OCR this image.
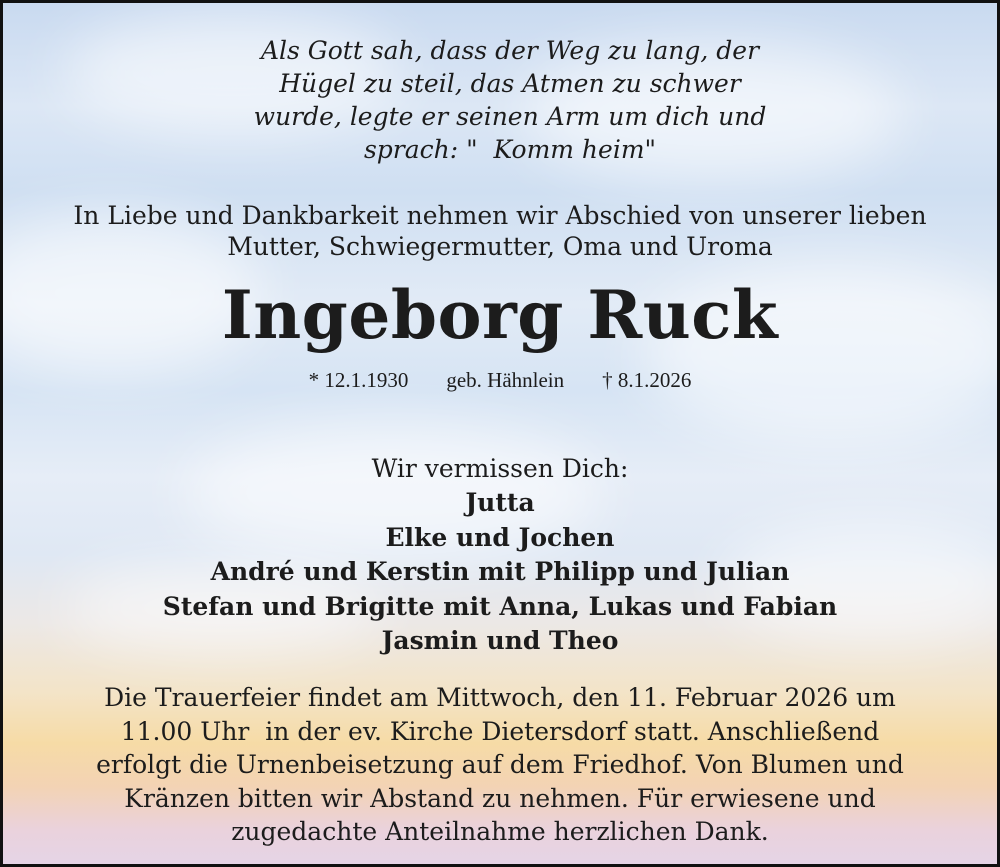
Als Gott sah, dass der Weg zu lang, der
Hügel zu steil, das Atmen zu schwer
wurde, legte er seinen Arm um dich und
sprach: "  Komm heim"
In Liebe und Dankbarkeit nehmen wir Abschied von unserer lieben
Mutter, Schwiegermutter, Oma und Uroma
Ingeborg Ruck
* 12.1.1930 geb. Hähnlein † 8.1.2026
Wir vermissen Dich:
Jutta
Elke und Jochen
André und Kerstin mit Philipp und Julian
Stefan und Brigitte mit Anna, Lukas und Fabian
Jasmin und Theo
Die Trauerfeier findet am Mittwoch, den 11. Februar 2026 um
11.00 Uhr  in der ev. Kirche Dietersdorf statt. Anschließend
erfolgt die Urnenbeisetzung auf dem Friedhof. Von Blumen und
Kränzen bitten wir Abstand zu nehmen. Für erwiesene und
zugedachte Anteilnahme herzlichen Dank.
